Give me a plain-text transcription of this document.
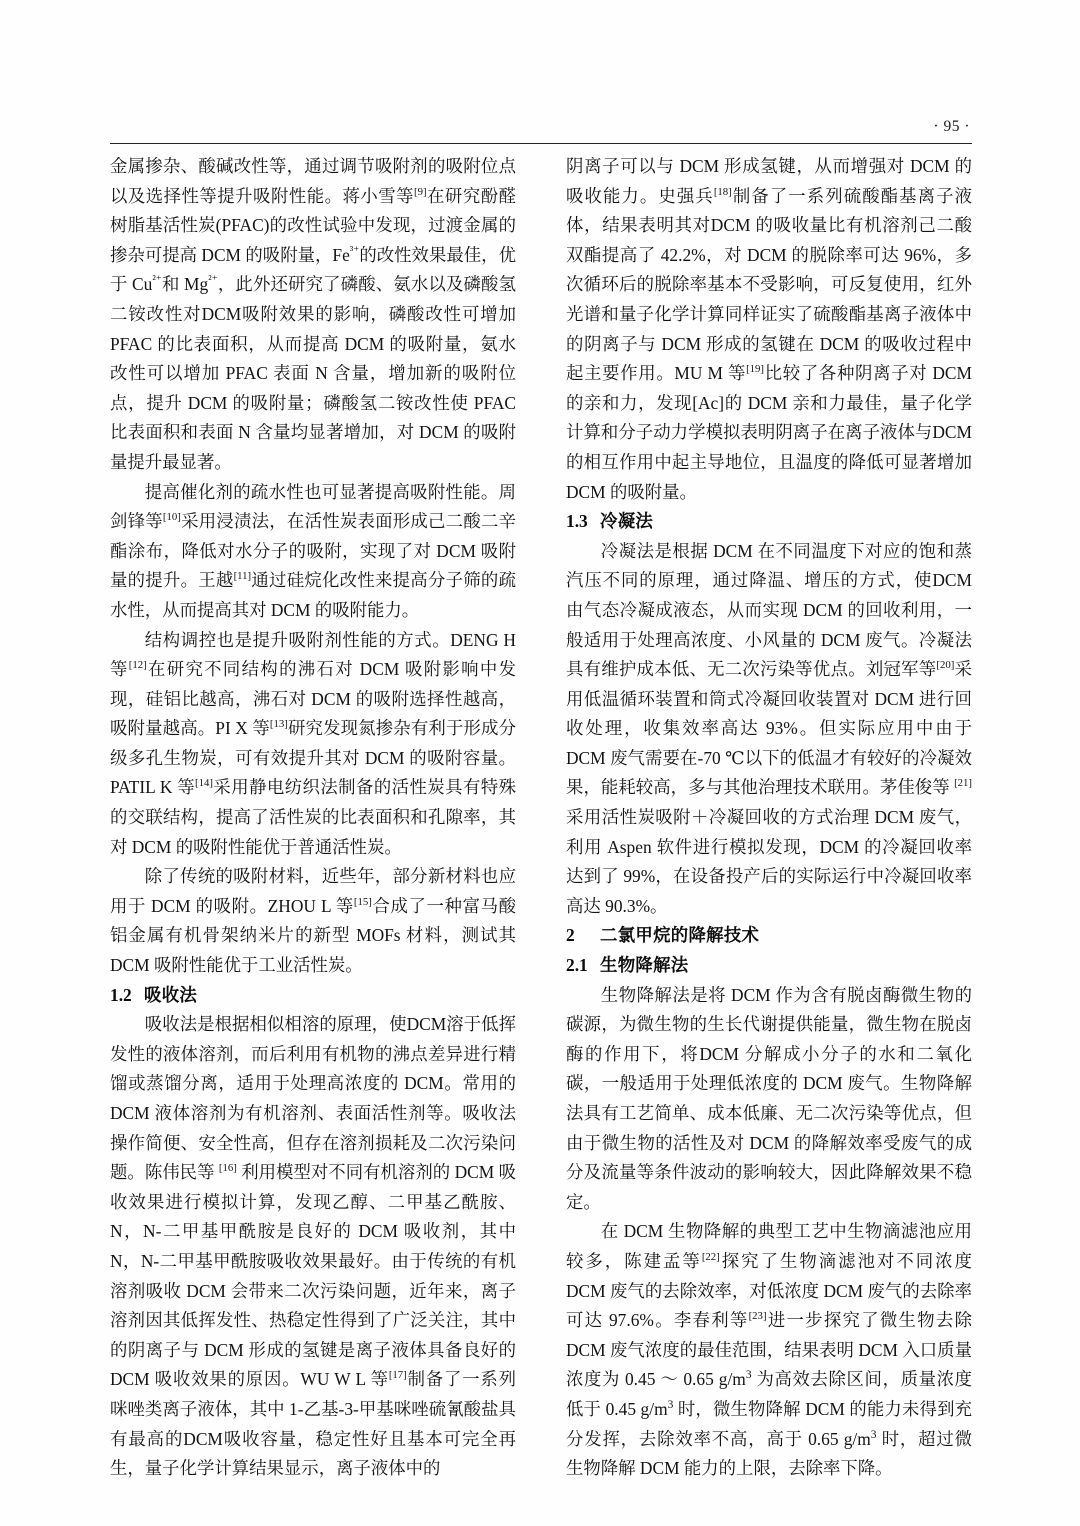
· 95 ·

金属掺杂、酸碱改性等，通过调节吸附剂的吸附位点以及选择性等提升吸附性能。蒋小雪等[9]在研究酚醛树脂基活性炭(PFAC)的改性试验中发现，过渡金属的掺杂可提高 DCM 的吸附量，$Fe^{^{3+}}$的改性效果最佳，优于 $Cu^{^{2+}}$和 $Mg^{^{2+}}$，此外还研究了磷酸、氨水以及磷酸氢二铵改性对DCM吸附效果的影响，磷酸改性可增加 PFAC 的比表面积，从而提高 DCM 的吸附量，氨水改性可以增加 PFAC 表面 N 含量，增加新的吸附位点，提升 DCM 的吸附量；磷酸氢二铵改性使 PFAC 比表面积和表面 N 含量均显著增加，对 DCM 的吸附量提升最显著。

提高催化剂的疏水性也可显著提高吸附性能。周剑锋等[10]采用浸渍法，在活性炭表面形成己二酸二辛酯涂布，降低对水分子的吸附，实现了对 DCM 吸附量的提升。王越[11]通过硅烷化改性来提高分子筛的疏水性，从而提高其对 DCM 的吸附能力。

结构调控也是提升吸附剂性能的方式。DENG H 等[12]在研究不同结构的沸石对 DCM 吸附影响中发现，硅铝比越高，沸石对 DCM 的吸附选择性越高，吸附量越高。PI X 等[13]研究发现氮掺杂有利于形成分级多孔生物炭，可有效提升其对 DCM 的吸附容量。PATIL K 等[14]采用静电纺织法制备的活性炭具有特殊的交联结构，提高了活性炭的比表面积和孔隙率，其对 DCM 的吸附性能优于普通活性炭。

除了传统的吸附材料，近些年，部分新材料也应用于 DCM 的吸附。ZHOU L 等[15]合成了一种富马酸铝金属有机骨架纳米片的新型 MOFs 材料，测试其 DCM 吸附性能优于工业活性炭。

1.2 吸收法

吸收法是根据相似相溶的原理，使DCM溶于低挥发性的液体溶剂，而后利用有机物的沸点差异进行精馏或蒸馏分离，适用于处理高浓度的 DCM。常用的 DCM 液体溶剂为有机溶剂、表面活性剂等。吸收法操作简便、安全性高，但存在溶剂损耗及二次污染问题。陈伟民等 [16] 利用模型对不同有机溶剂的 DCM 吸收效果进行模拟计算，发现乙醇、二甲基乙酰胺、N，N-二甲基甲酰胺是良好的 DCM 吸收剂，其中 N，N-二甲基甲酰胺吸收效果最好。由于传统的有机溶剂吸收 DCM 会带来二次污染问题，近年来，离子溶剂因其低挥发性、热稳定性得到了广泛关注，其中的阴离子与 DCM 形成的氢键是离子液体具备良好的 DCM 吸收效果的原因。WU W L 等[17]制备了一系列咪唑类离子液体，其中 1-乙基-3-甲基咪唑硫氰酸盐具有最高的DCM吸收容量，稳定性好且基本可完全再生，量子化学计算结果显示，离子液体中的

阴离子可以与 DCM 形成氢键，从而增强对 DCM 的吸收能力。史强兵[18]制备了一系列硫酸酯基离子液体，结果表明其对DCM 的吸收量比有机溶剂己二酸双酯提高了 42.2%，对 DCM 的脱除率可达 96%，多次循环后的脱除率基本不受影响，可反复使用，红外光谱和量子化学计算同样证实了硫酸酯基离子液体中的阴离子与 DCM 形成的氢键在 DCM 的吸收过程中起主要作用。MU M 等[19]比较了各种阴离子对 DCM 的亲和力，发现[Ac]的 DCM 亲和力最佳，量子化学计算和分子动力学模拟表明阴离子在离子液体与DCM的相互作用中起主导地位，且温度的降低可显著增加 DCM 的吸附量。

1.3 冷凝法

冷凝法是根据 DCM 在不同温度下对应的饱和蒸汽压不同的原理，通过降温、增压的方式，使DCM 由气态冷凝成液态，从而实现 DCM 的回收利用，一般适用于处理高浓度、小风量的 DCM 废气。冷凝法具有维护成本低、无二次污染等优点。刘冠军等[20]采用低温循环装置和筒式冷凝回收装置对 DCM 进行回收处理，收集效率高达 93%。但实际应用中由于 DCM 废气需要在-70 ℃以下的低温才有较好的冷凝效果，能耗较高，多与其他治理技术联用。茅佳俊等 [21]采用活性炭吸附＋冷凝回收的方式治理 DCM 废气，利用 Aspen 软件进行模拟发现，DCM 的冷凝回收率达到了 99%，在设备投产后的实际运行中冷凝回收率高达 90.3%。

2 二氯甲烷的降解技术
2.1 生物降解法

生物降解法是将 DCM 作为含有脱卤酶微生物的碳源，为微生物的生长代谢提供能量，微生物在脱卤酶的作用下，将DCM 分解成小分子的水和二氧化碳，一般适用于处理低浓度的 DCM 废气。生物降解法具有工艺简单、成本低廉、无二次污染等优点，但由于微生物的活性及对 DCM 的降解效率受废气的成分及流量等条件波动的影响较大，因此降解效果不稳定。

在 DCM 生物降解的典型工艺中生物滴滤池应用较多，陈建孟等[22]探究了生物滴滤池对不同浓度 DCM 废气的去除效率，对低浓度 DCM 废气的去除率可达 97.6%。李春利等[23]进一步探究了微生物去除 DCM 废气浓度的最佳范围，结果表明 DCM 入口质量浓度为 0.45 ～ 0.65 $g/m^3$ 为高效去除区间，质量浓度低于 0.45 $g/m^3$ 时，微生物降解 DCM 的能力未得到充分发挥，去除效率不高，高于 0.65 $g/m^3$ 时，超过微生物降解 DCM 能力的上限，去除率下降。
